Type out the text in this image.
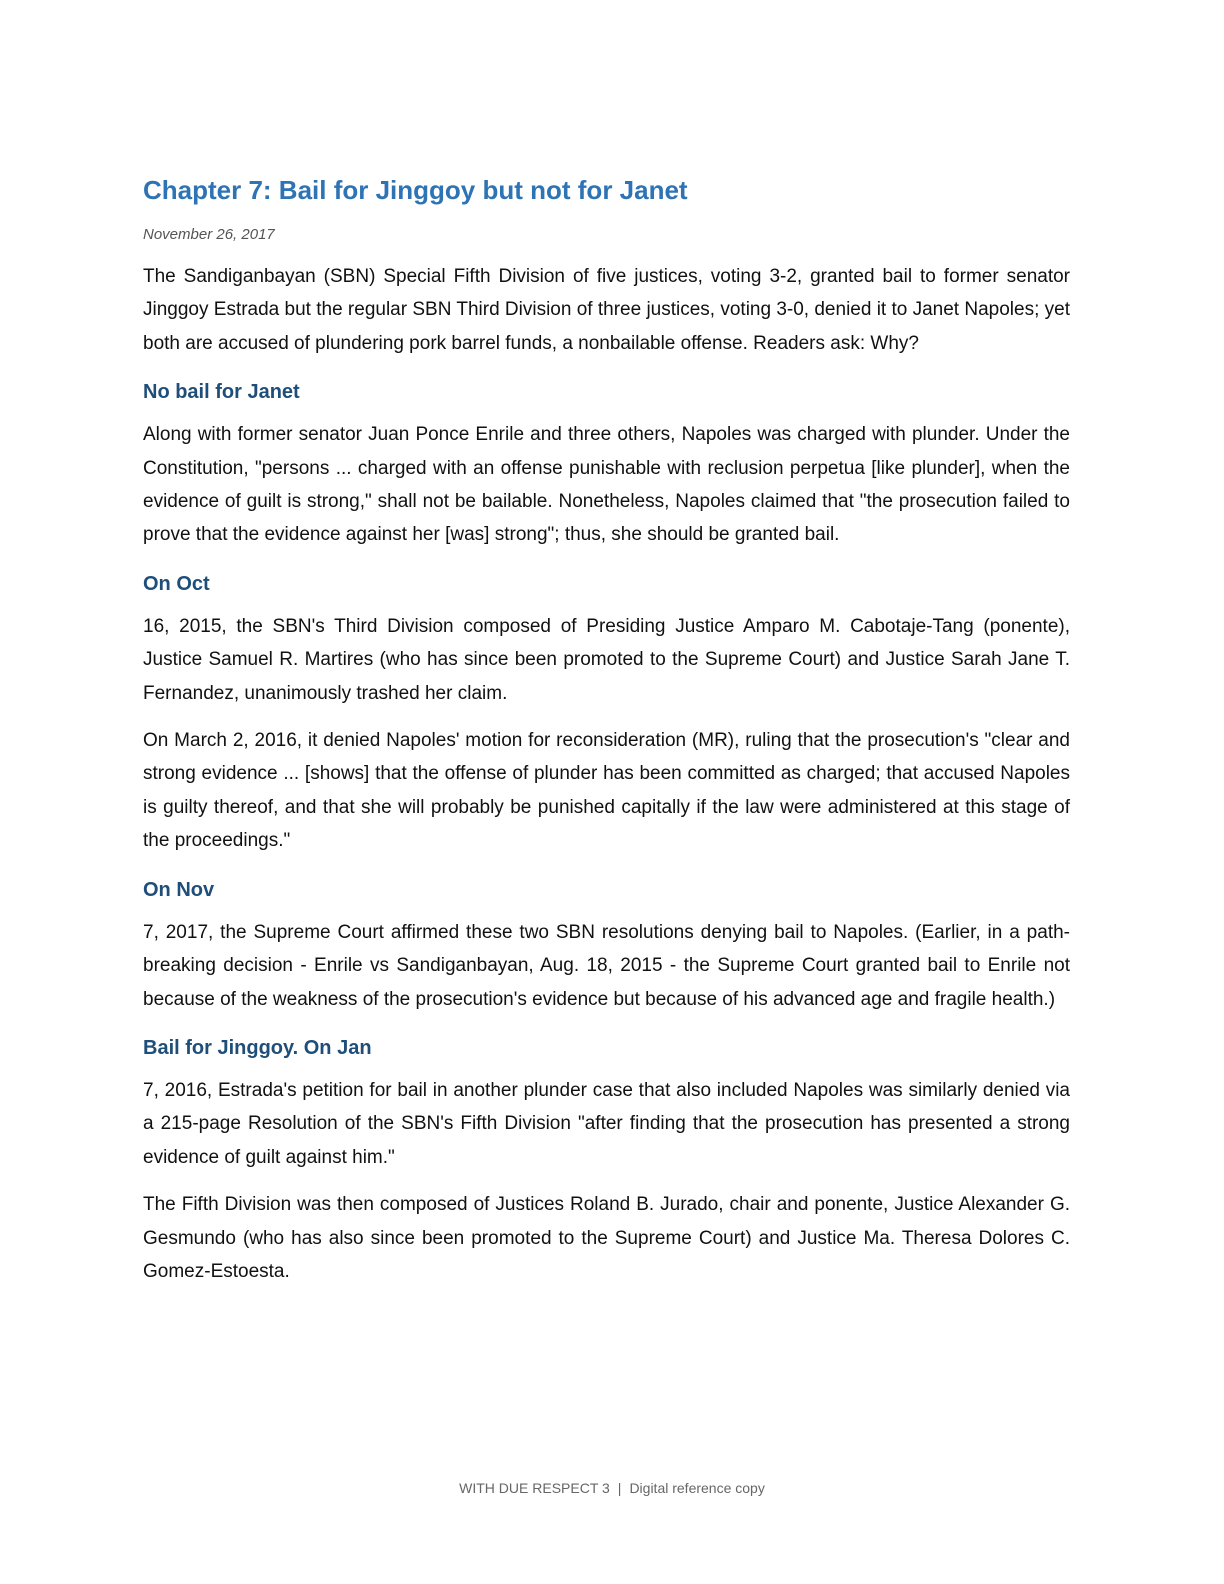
Chapter 7: Bail for Jinggoy but not for Janet
November 26, 2017

The Sandiganbayan (SBN) Special Fifth Division of five justices, voting 3-2, granted bail to former senator Jinggoy Estrada but the regular SBN Third Division of three justices, voting 3-0, denied it to Janet Napoles; yet both are accused of plundering pork barrel funds, a nonbailable offense. Readers ask: Why?

No bail for Janet

Along with former senator Juan Ponce Enrile and three others, Napoles was charged with plunder. Under the Constitution, "persons ... charged with an offense punishable with reclusion perpetua [like plunder], when the evidence of guilt is strong," shall not be bailable. Nonetheless, Napoles claimed that "the prosecution failed to prove that the evidence against her [was] strong"; thus, she should be granted bail.

On Oct

16, 2015, the SBN's Third Division composed of Presiding Justice Amparo M. Cabotaje-Tang (ponente), Justice Samuel R. Martires (who has since been promoted to the Supreme Court) and Justice Sarah Jane T. Fernandez, unanimously trashed her claim.

On March 2, 2016, it denied Napoles' motion for reconsideration (MR), ruling that the prosecution's "clear and strong evidence ... [shows] that the offense of plunder has been committed as charged; that accused Napoles is guilty thereof, and that she will probably be punished capitally if the law were administered at this stage of the proceedings."

On Nov

7, 2017, the Supreme Court affirmed these two SBN resolutions denying bail to Napoles. (Earlier, in a path-breaking decision - Enrile vs Sandiganbayan, Aug. 18, 2015 - the Supreme Court granted bail to Enrile not because of the weakness of the prosecution's evidence but because of his advanced age and fragile health.)

Bail for Jinggoy. On Jan

7, 2016, Estrada's petition for bail in another plunder case that also included Napoles was similarly denied via a 215-page Resolution of the SBN's Fifth Division "after finding that the prosecution has presented a strong evidence of guilt against him."

The Fifth Division was then composed of Justices Roland B. Jurado, chair and ponente, Justice Alexander G. Gesmundo (who has also since been promoted to the Supreme Court) and Justice Ma. Theresa Dolores C. Gomez-Estoesta.

WITH DUE RESPECT 3 | Digital reference copy
